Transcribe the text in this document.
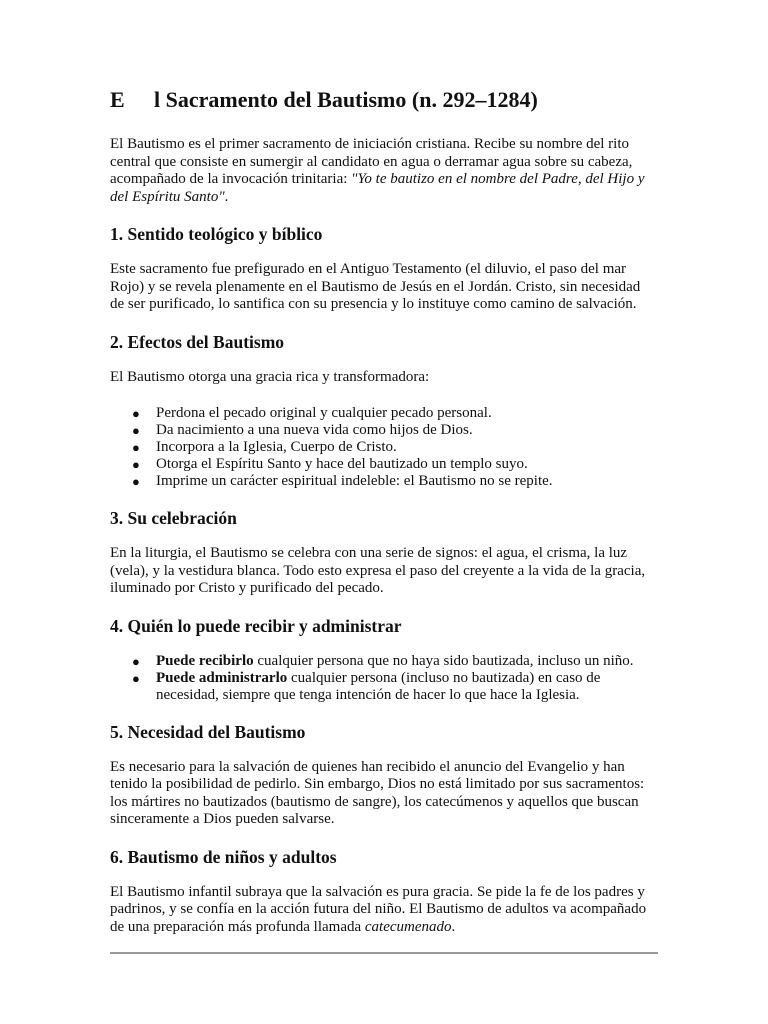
E l Sacramento del Bautismo (n. 292–1284)

El Bautismo es el primer sacramento de iniciación cristiana. Recibe su nombre del rito central que consiste en sumergir al candidato en agua o derramar agua sobre su cabeza, acompañado de la invocación trinitaria: "Yo te bautizo en el nombre del Padre, del Hijo y del Espíritu Santo".

1. Sentido teológico y bíblico

Este sacramento fue prefigurado en el Antiguo Testamento (el diluvio, el paso del mar Rojo) y se revela plenamente en el Bautismo de Jesús en el Jordán. Cristo, sin necesidad de ser purificado, lo santifica con su presencia y lo instituye como camino de salvación.

2. Efectos del Bautismo

El Bautismo otorga una gracia rica y transformadora:

● Perdona el pecado original y cualquier pecado personal.
● Da nacimiento a una nueva vida como hijos de Dios.
● Incorpora a la Iglesia, Cuerpo de Cristo.
● Otorga el Espíritu Santo y hace del bautizado un templo suyo.
● Imprime un carácter espiritual indeleble: el Bautismo no se repite.
3. Su celebración

En la liturgia, el Bautismo se celebra con una serie de signos: el agua, el crisma, la luz (vela), y la vestidura blanca. Todo esto expresa el paso del creyente a la vida de la gracia, iluminado por Cristo y purificado del pecado.

4. Quién lo puede recibir y administrar
● Puede recibirlo cualquier persona que no haya sido bautizada, incluso un niño.
● Puede administrarlo cualquier persona (incluso no bautizada) en caso de necesidad, siempre que tenga intención de hacer lo que hace la Iglesia.
5. Necesidad del Bautismo

Es necesario para la salvación de quienes han recibido el anuncio del Evangelio y han tenido la posibilidad de pedirlo. Sin embargo, Dios no está limitado por sus sacramentos: los mártires no bautizados (bautismo de sangre), los catecúmenos y aquellos que buscan sinceramente a Dios pueden salvarse.

6. Bautismo de niños y adultos

El Bautismo infantil subraya que la salvación es pura gracia. Se pide la fe de los padres y padrinos, y se confía en la acción futura del niño. El Bautismo de adultos va acompañado de una preparación más profunda llamada catecumenado.
